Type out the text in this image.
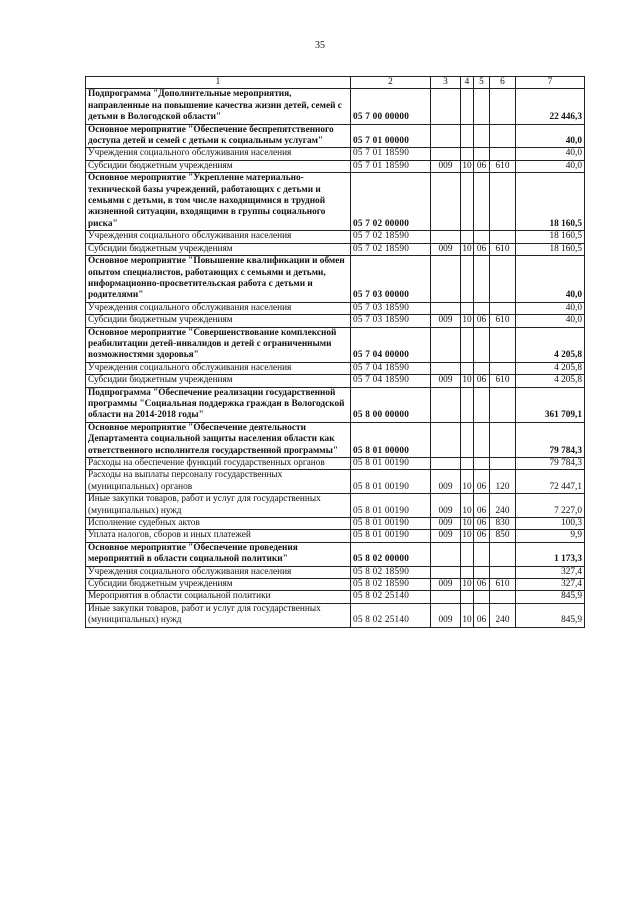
35
1	2	3	4	5	6	7
Подпрограмма "Дополнительные мероприятия, направленные на повышение качества жизни детей, семей с детьми в Вологодской области"	05 7 00 00000					22 446,3
Основное мероприятие "Обеспечение беспрепятственного доступа детей и семей с детьми к социальным услугам"	05 7 01 00000					40,0
Учреждения социального обслуживания населения	05 7 01 18590					40,0
Субсидии бюджетным учреждениям	05 7 01 18590	009	10	06	610	40,0
Основное мероприятие "Укрепление материально-технической базы учреждений, работающих с детьми и семьями с детьми, в том числе находящимися в трудной жизненной ситуации, входящими в группы социального риска"	05 7 02 00000					18 160,5
Учреждения социального обслуживания населения	05 7 02 18590					18 160,5
Субсидии бюджетным учреждениям	05 7 02 18590	009	10	06	610	18 160,5
Основное мероприятие "Повышение квалификации и обмен опытом специалистов, работающих с семьями и детьми, информационно-просветительская работа с детьми и родителями"	05 7 03 00000					40,0
Учреждения социального обслуживания населения	05 7 03 18590					40,0
Субсидии бюджетным учреждениям	05 7 03 18590	009	10	06	610	40,0
Основное мероприятие "Совершенствование комплексной реабилитации детей-инвалидов и детей с ограниченными возможностями здоровья"	05 7 04 00000					4 205,8
Учреждения социального обслуживания населения	05 7 04 18590					4 205,8
Субсидии бюджетным учреждениям	05 7 04 18590	009	10	06	610	4 205,8
Подпрограмма "Обеспечение реализации государственной программы "Социальная поддержка граждан в Вологодской области на 2014-2018 годы"	05 8 00 00000					361 709,1
Основное мероприятие "Обеспечение деятельности Департамента социальной защиты населения области как ответственного исполнителя государственной программы"	05 8 01 00000					79 784,3
Расходы на обеспечение функций государственных органов	05 8 01 00190					79 784,3
Расходы на выплаты персоналу государственных (муниципальных) органов	05 8 01 00190	009	10	06	120	72 447,1
Иные закупки товаров, работ и услуг для государственных (муниципальных) нужд	05 8 01 00190	009	10	06	240	7 227,0
Исполнение судебных актов	05 8 01 00190	009	10	06	830	100,3
Уплата налогов, сборов и иных платежей	05 8 01 00190	009	10	06	850	9,9
Основное мероприятие "Обеспечение проведения мероприятий в области социальной политики"	05 8 02 00000					1 173,3
Учреждения социального обслуживания населения	05 8 02 18590					327,4
Субсидии бюджетным учреждениям	05 8 02 18590	009	10	06	610	327,4
Мероприятия в области социальной политики	05 8 02 25140					845,9
Иные закупки товаров, работ и услуг для государственных (муниципальных) нужд	05 8 02 25140	009	10	06	240	845,9
